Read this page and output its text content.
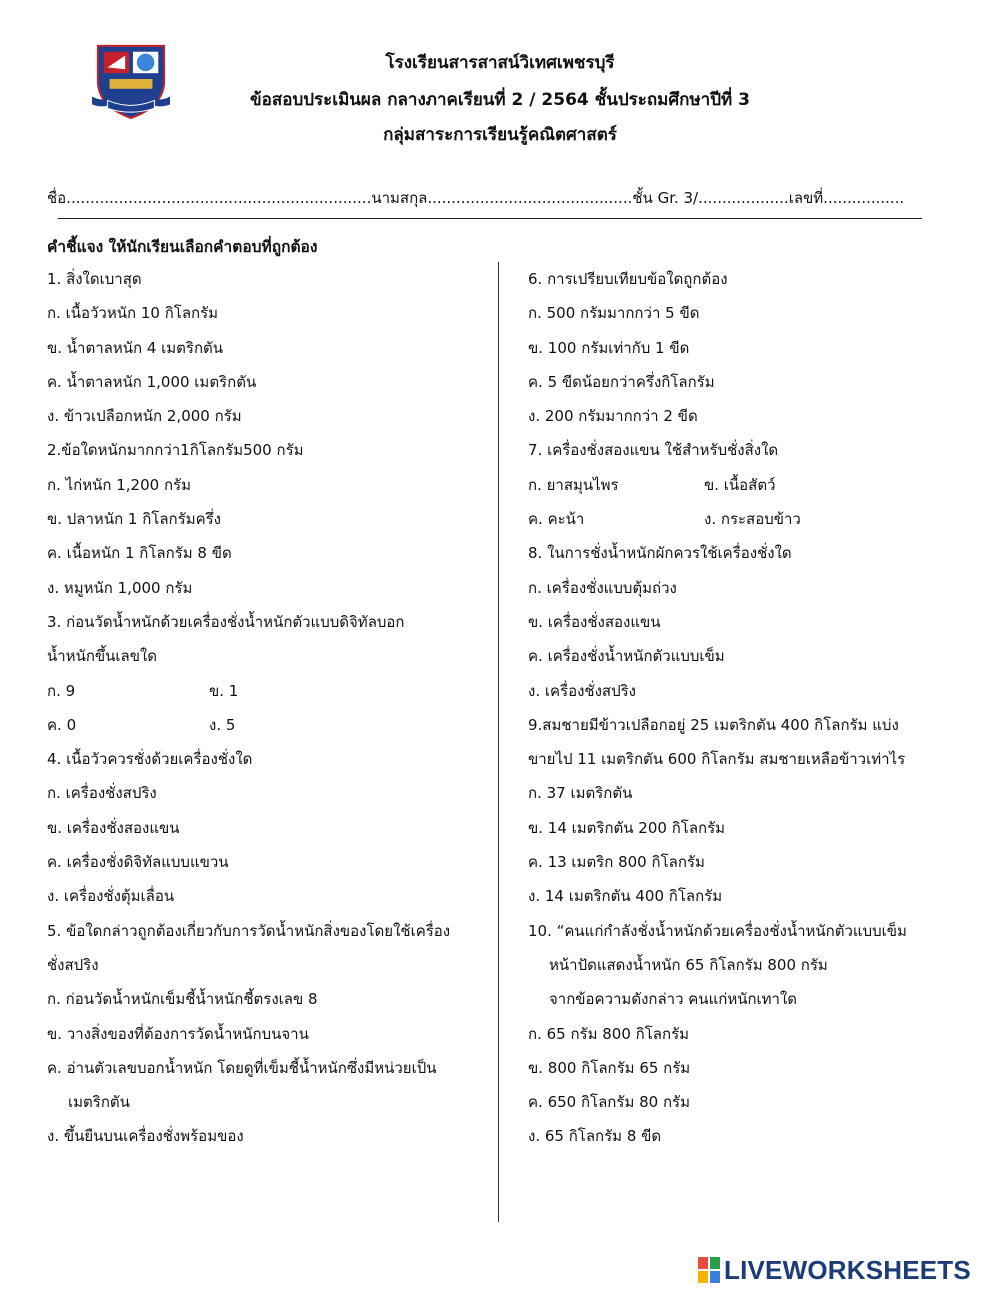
โรงเรียนสารสาสน์วิเทศเพชรบุรี
ข้อสอบประเมินผล กลางภาคเรียนที่ 2 / 2564 ชั้นประถมศึกษาปีที่ 3
กลุ่มสาระการเรียนรู้คณิตศาสตร์
ชื่อ................................................................นามสกุล...........................................ชั้น Gr. 3/...................เลขที่.................
คำชี้แจง ให้นักเรียนเลือกคำตอบที่ถูกต้อง
1. สิ่งใดเบาสุด
ก. เนื้อวัวหนัก 10 กิโลกรัม
ข. น้ำตาลหนัก 4 เมตริกตัน
ค. น้ำตาลหนัก 1,000 เมตริกตัน
ง. ข้าวเปลือกหนัก 2,000 กรัม
2.ข้อใดหนักมากกว่า1กิโลกรัม500 กรัม
ก. ไก่หนัก 1,200 กรัม
ข. ปลาหนัก 1 กิโลกรัมครึ่ง
ค. เนื้อหนัก 1 กิโลกรัม 8 ขีด
ง. หมูหนัก 1,000 กรัม
3. ก่อนวัดน้ำหนักด้วยเครื่องชั่งน้ำหนักตัวแบบดิจิทัลบอก
น้ำหนักขึ้นเลขใด
ก. 9	ข. 1
ค. 0	ง. 5
4. เนื้อวัวควรชั่งด้วยเครื่องชั่งใด
ก. เครื่องชั่งสปริง
ข. เครื่องชั่งสองแขน
ค. เครื่องชั่งดิจิทัลแบบแขวน
ง. เครื่องชั่งตุ้มเลื่อน
5. ข้อใดกล่าวถูกต้องเกี่ยวกับการวัดน้ำหนักสิ่งของโดยใช้เครื่อง
ชั่งสปริง
ก. ก่อนวัดน้ำหนักเข็มชี้น้ำหนักชี้ตรงเลข 8
ข. วางสิ่งของที่ต้องการวัดน้ำหนักบนจาน
ค. อ่านตัวเลขบอกน้ำหนัก โดยดูที่เข็มชี้น้ำหนักซึ่งมีหน่วยเป็น
เมตริกตัน
ง. ขึ้นยืนบนเครื่องชั่งพร้อมของ
6. การเปรียบเทียบข้อใดถูกต้อง
ก. 500 กรัมมากกว่า 5 ขีด
ข. 100 กรัมเท่ากับ 1 ขีด
ค. 5 ขีดน้อยกว่าครึ่งกิโลกรัม
ง. 200 กรัมมากกว่า 2 ขีด
7. เครื่องชั่งสองแขน ใช้สำหรับชั่งสิ่งใด
ก. ยาสมุนไพร	ข. เนื้อสัตว์
ค. คะน้า	ง. กระสอบข้าว
8. ในการชั่งน้ำหนักผักควรใช้เครื่องชั่งใด
ก. เครื่องชั่งแบบตุ้มถ่วง
ข. เครื่องชั่งสองแขน
ค. เครื่องชั่งน้ำหนักตัวแบบเข็ม
ง. เครื่องชั่งสปริง
9.สมชายมีข้าวเปลือกอยู่ 25 เมตริกตัน 400 กิโลกรัม แบ่ง
ขายไป 11 เมตริกตัน 600 กิโลกรัม สมชายเหลือข้าวเท่าไร
ก. 37 เมตริกตัน
ข. 14 เมตริกตัน 200 กิโลกรัม
ค. 13 เมตริก 800 กิโลกรัม
ง. 14 เมตริกตัน 400 กิโลกรัม
10. “คนแก่กำลังชั่งน้ำหนักด้วยเครื่องชั่งน้ำหนักตัวแบบเข็ม
หน้าปัดแสดงน้ำหนัก 65 กิโลกรัม 800 กรัม
จากข้อความดังกล่าว คนแก่หนักเทาใด
ก. 65 กรัม 800 กิโลกรัม
ข. 800 กิโลกรัม 65 กรัม
ค. 650 กิโลกรัม 80 กรัม
ง. 65 กิโลกรัม 8 ขีด
LIVEWORKSHEETS
